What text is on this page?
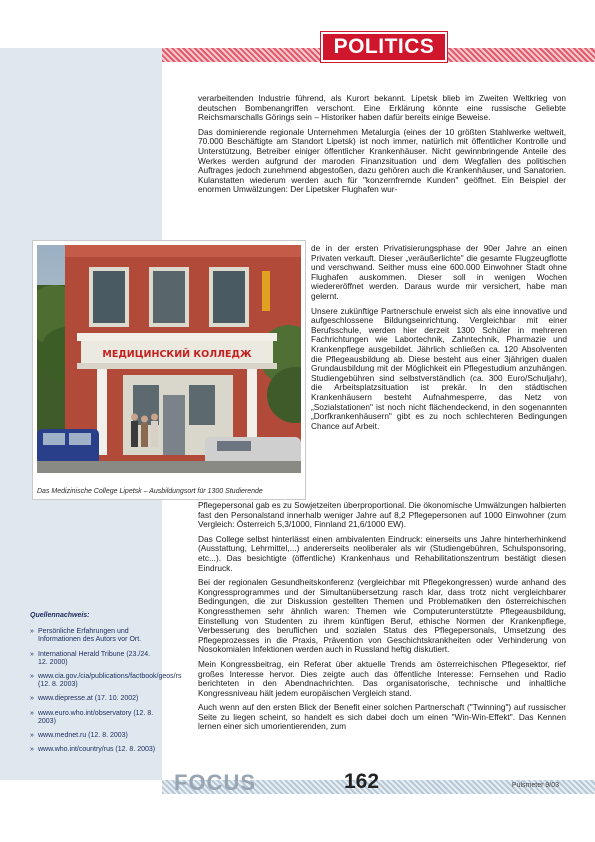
POLITICS

verarbeitenden Industrie führend, als Kurort bekannt. Lipetsk blieb im Zweiten Weltkrieg von deutschen Bombenangriffen verschont. Eine Erklärung könnte eine russische Geliebte Reichsmarschalls Görings sein – Historiker haben dafür bereits einige Beweise.

Das dominierende regionale Unternehmen Metalurgia (eines der 10 größten Stahlwerke weltweit, 70.000 Beschäftigte am Standort Lipetsk) ist noch immer, natürlich mit öffentlicher Kontrolle und Unterstützung, Betreiber einiger öffentlicher Krankenhäuser. Nicht gewinnbringende Anteile des Werkes werden aufgrund der maroden Finanzsituation und dem Wegfallen des politischen Auftrages jedoch zunehmend abgestoßen, dazu gehören auch die Krankenhäuser, und Sanatorien. Kulanstatten wiederum werden auch für "konzernfremde Kunden" geöffnet. Ein Beispiel der enormen Umwälzungen: Der Lipetsker Flughafen wur-

МЕДИЦИНСКИЙ КОЛЛЕДЖ
Das Medizinische College Lipetsk – Ausbildungsort für 1300 Studierende

de in der ersten Privatisierungsphase der 90er Jahre an einen Privaten verkauft. Dieser „veräußerlichte" die gesamte Flugzeugflotte und verschwand. Seither muss eine 600.000 Einwohner Stadt ohne Flughafen auskommen. Dieser soll in wenigen Wochen wiedereröffnet werden. Daraus wurde mir versichert, habe man gelernt.

Unsere zukünftige Partnerschule erweist sich als eine innovative und aufgeschlossene Bildungseinrichtung. Vergleichbar mit einer Berufsschule, werden hier derzeit 1300 Schüler in mehreren Fachrichtungen wie Labortechnik, Zahntechnik, Pharmazie und Krankenpflege ausgebildet. Jährlich schließen ca. 120 Absolventen die Pflegeausbildung ab. Diese besteht aus einer 3jährigen dualen Grundausbildung mit der Möglichkeit ein Pflegestudium anzuhängen. Studiengebühren sind selbstverständlich (ca. 300 Euro/Schuljahr), die Arbeitsplatzsituation ist prekär. In den städtischen Krankenhäusern besteht Aufnahmesperre, das Netz von „Sozialstationen" ist noch nicht flächendeckend, in den sogenannten „Dorfkrankenhäusern" gibt es zu noch schlechteren Bedingungen Chance auf Arbeit.

Pflegepersonal gab es zu Sowjetzeiten überproportional. Die ökonomische Umwälzungen halbierten fast den Personalstand innerhalb weniger Jahre auf 8,2 Pflegepersonen auf 1000 Einwohner (zum Vergleich: Österreich 5,3/1000, Finnland 21,6/1000 EW).

Das College selbst hinterlässt einen ambivalenten Eindruck: einerseits uns Jahre hinterherhinkend (Ausstattung, Lehrmittel,...) andererseits neoliberaler als wir (Studiengebühren, Schulsponsoring, etc...). Das besichtigte (öffentliche) Krankenhaus und Rehabilitationszentrum bestätigt diesen Eindruck.

Bei der regionalen Gesundheitskonferenz (vergleichbar mit Pflegekongressen) wurde anhand des Kongressprogrammes und der Simultanübersetzung rasch klar, dass trotz nicht vergleichbarer Bedingungen, die zur Diskussion gestellten Themen und Problematiken den österreichischen Kongressthemen sehr ähnlich waren: Themen wie Computerunterstützte Pflegeausbildung, Einstellung von Studenten zu ihrem künftigen Beruf, ethische Normen der Krankenpflege, Verbesserung des beruflichen und sozialen Status des Pflegepersonals, Umsetzung des Pflegeprozesses in die Praxis, Prävention von Geschichtskrankheiten oder Verhinderung von Nosokomialen Infektionen werden auch in Russland heftig diskutiert.

Mein Kongressbeitrag, ein Referat über aktuelle Trends am österreichischen Pflegesektor, rief großes Interesse hervor. Dies zeigte auch das öffentliche Interesse: Fernsehen und Radio berichteten in den Abendnachrichten. Das organisatorische, technische und inhaltliche Kongressniveau hält jedem europäischen Vergleich stand.

Auch wenn auf den ersten Blick der Benefit einer solchen Partnerschaft ("Twinning") auf russischer Seite zu liegen scheint, so handelt es sich dabei doch um einen "Win-Win-Effekt". Das Kennen lernen einer sich umorientierenden, zum

Quellennachweis:
» Persönliche Erfahrungen und Informationen des Autors vor Ort.
» International Herald Tribune (23./24. 12. 2000)
» www.cia.gov./cia/publications/factbook/geos/rs (12. 8. 2003)
» www.diepresse.at (17. 10. 2002)
» www.euro.who.int/observatory (12. 8. 2003)
» www.mednet.ru (12. 8. 2003)
» www.who.int/country/rus (12. 8. 2003)
FOCUS	162	Pulsmeter 9/03
